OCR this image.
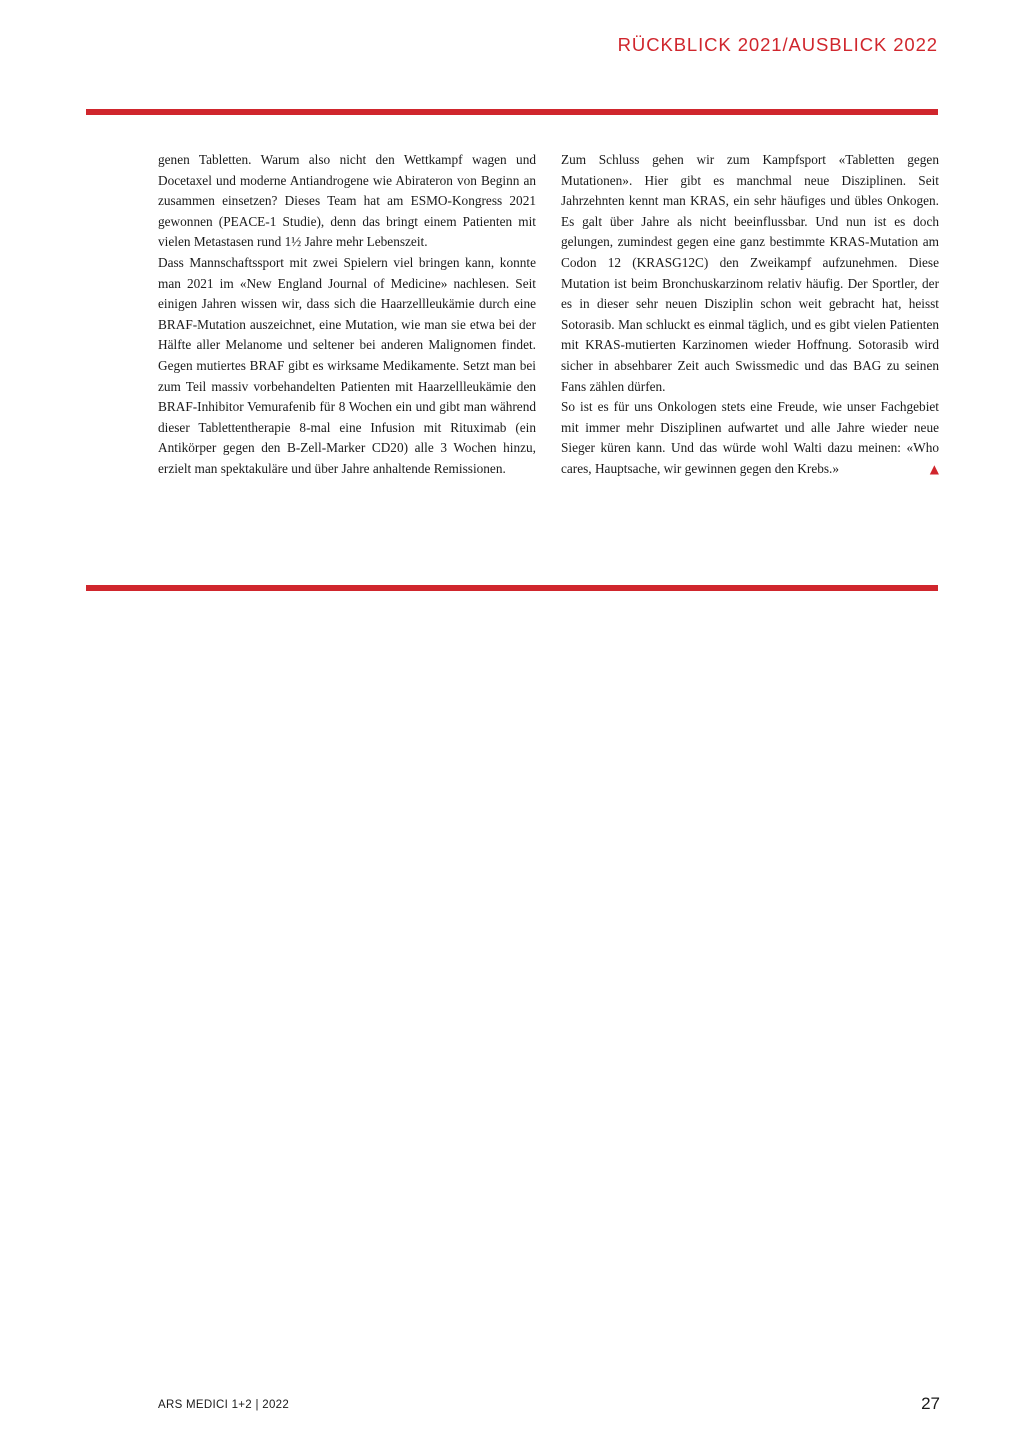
RÜCKBLICK 2021/AUSBLICK 2022

genen Tabletten. Warum also nicht den Wettkampf wagen und Docetaxel und moderne Antiandrogene wie Abirateron von Beginn an zusammen einsetzen? Dieses Team hat am ESMO-Kongress 2021 gewonnen (PEACE-1 Studie), denn das bringt einem Patienten mit vielen Metastasen rund 1½ Jahre mehr Lebenszeit.

Dass Mannschaftssport mit zwei Spielern viel bringen kann, konnte man 2021 im «New England Journal of Medicine» nachlesen. Seit einigen Jahren wissen wir, dass sich die Haarzellleukämie durch eine BRAF-Mutation auszeichnet, eine Mutation, wie man sie etwa bei der Hälfte aller Melanome und seltener bei anderen Malignomen findet. Gegen mutiertes BRAF gibt es wirksame Medikamente. Setzt man bei zum Teil massiv vorbehandelten Patienten mit Haarzellleukämie den BRAF-Inhibitor Vemurafenib für 8 Wochen ein und gibt man während dieser Tablettentherapie 8-mal eine Infusion mit Rituximab (ein Antikörper gegen den B-Zell-Marker CD20) alle 3 Wochen hinzu, erzielt man spektakuläre und über Jahre anhaltende Remissionen.

Zum Schluss gehen wir zum Kampfsport «Tabletten gegen Mutationen». Hier gibt es manchmal neue Disziplinen. Seit Jahrzehnten kennt man KRAS, ein sehr häufiges und übles Onkogen. Es galt über Jahre als nicht beeinflussbar. Und nun ist es doch gelungen, zumindest gegen eine ganz bestimmte KRAS-Mutation am Codon 12 (KRASG12C) den Zweikampf aufzunehmen. Diese Mutation ist beim Bronchuskarzinom relativ häufig. Der Sportler, der es in dieser sehr neuen Disziplin schon weit gebracht hat, heisst Sotorasib. Man schluckt es einmal täglich, und es gibt vielen Patienten mit KRAS-mutierten Karzinomen wieder Hoffnung. Sotorasib wird sicher in absehbarer Zeit auch Swissmedic und das BAG zu seinen Fans zählen dürfen.

So ist es für uns Onkologen stets eine Freude, wie unser Fachgebiet mit immer mehr Disziplinen aufwartet und alle Jahre wieder neue Sieger küren kann. Und das würde wohl Walti dazu meinen: «Who cares, Hauptsache, wir gewinnen gegen den Krebs.»	▲

ARS MEDICI 1+2 | 2022	27
